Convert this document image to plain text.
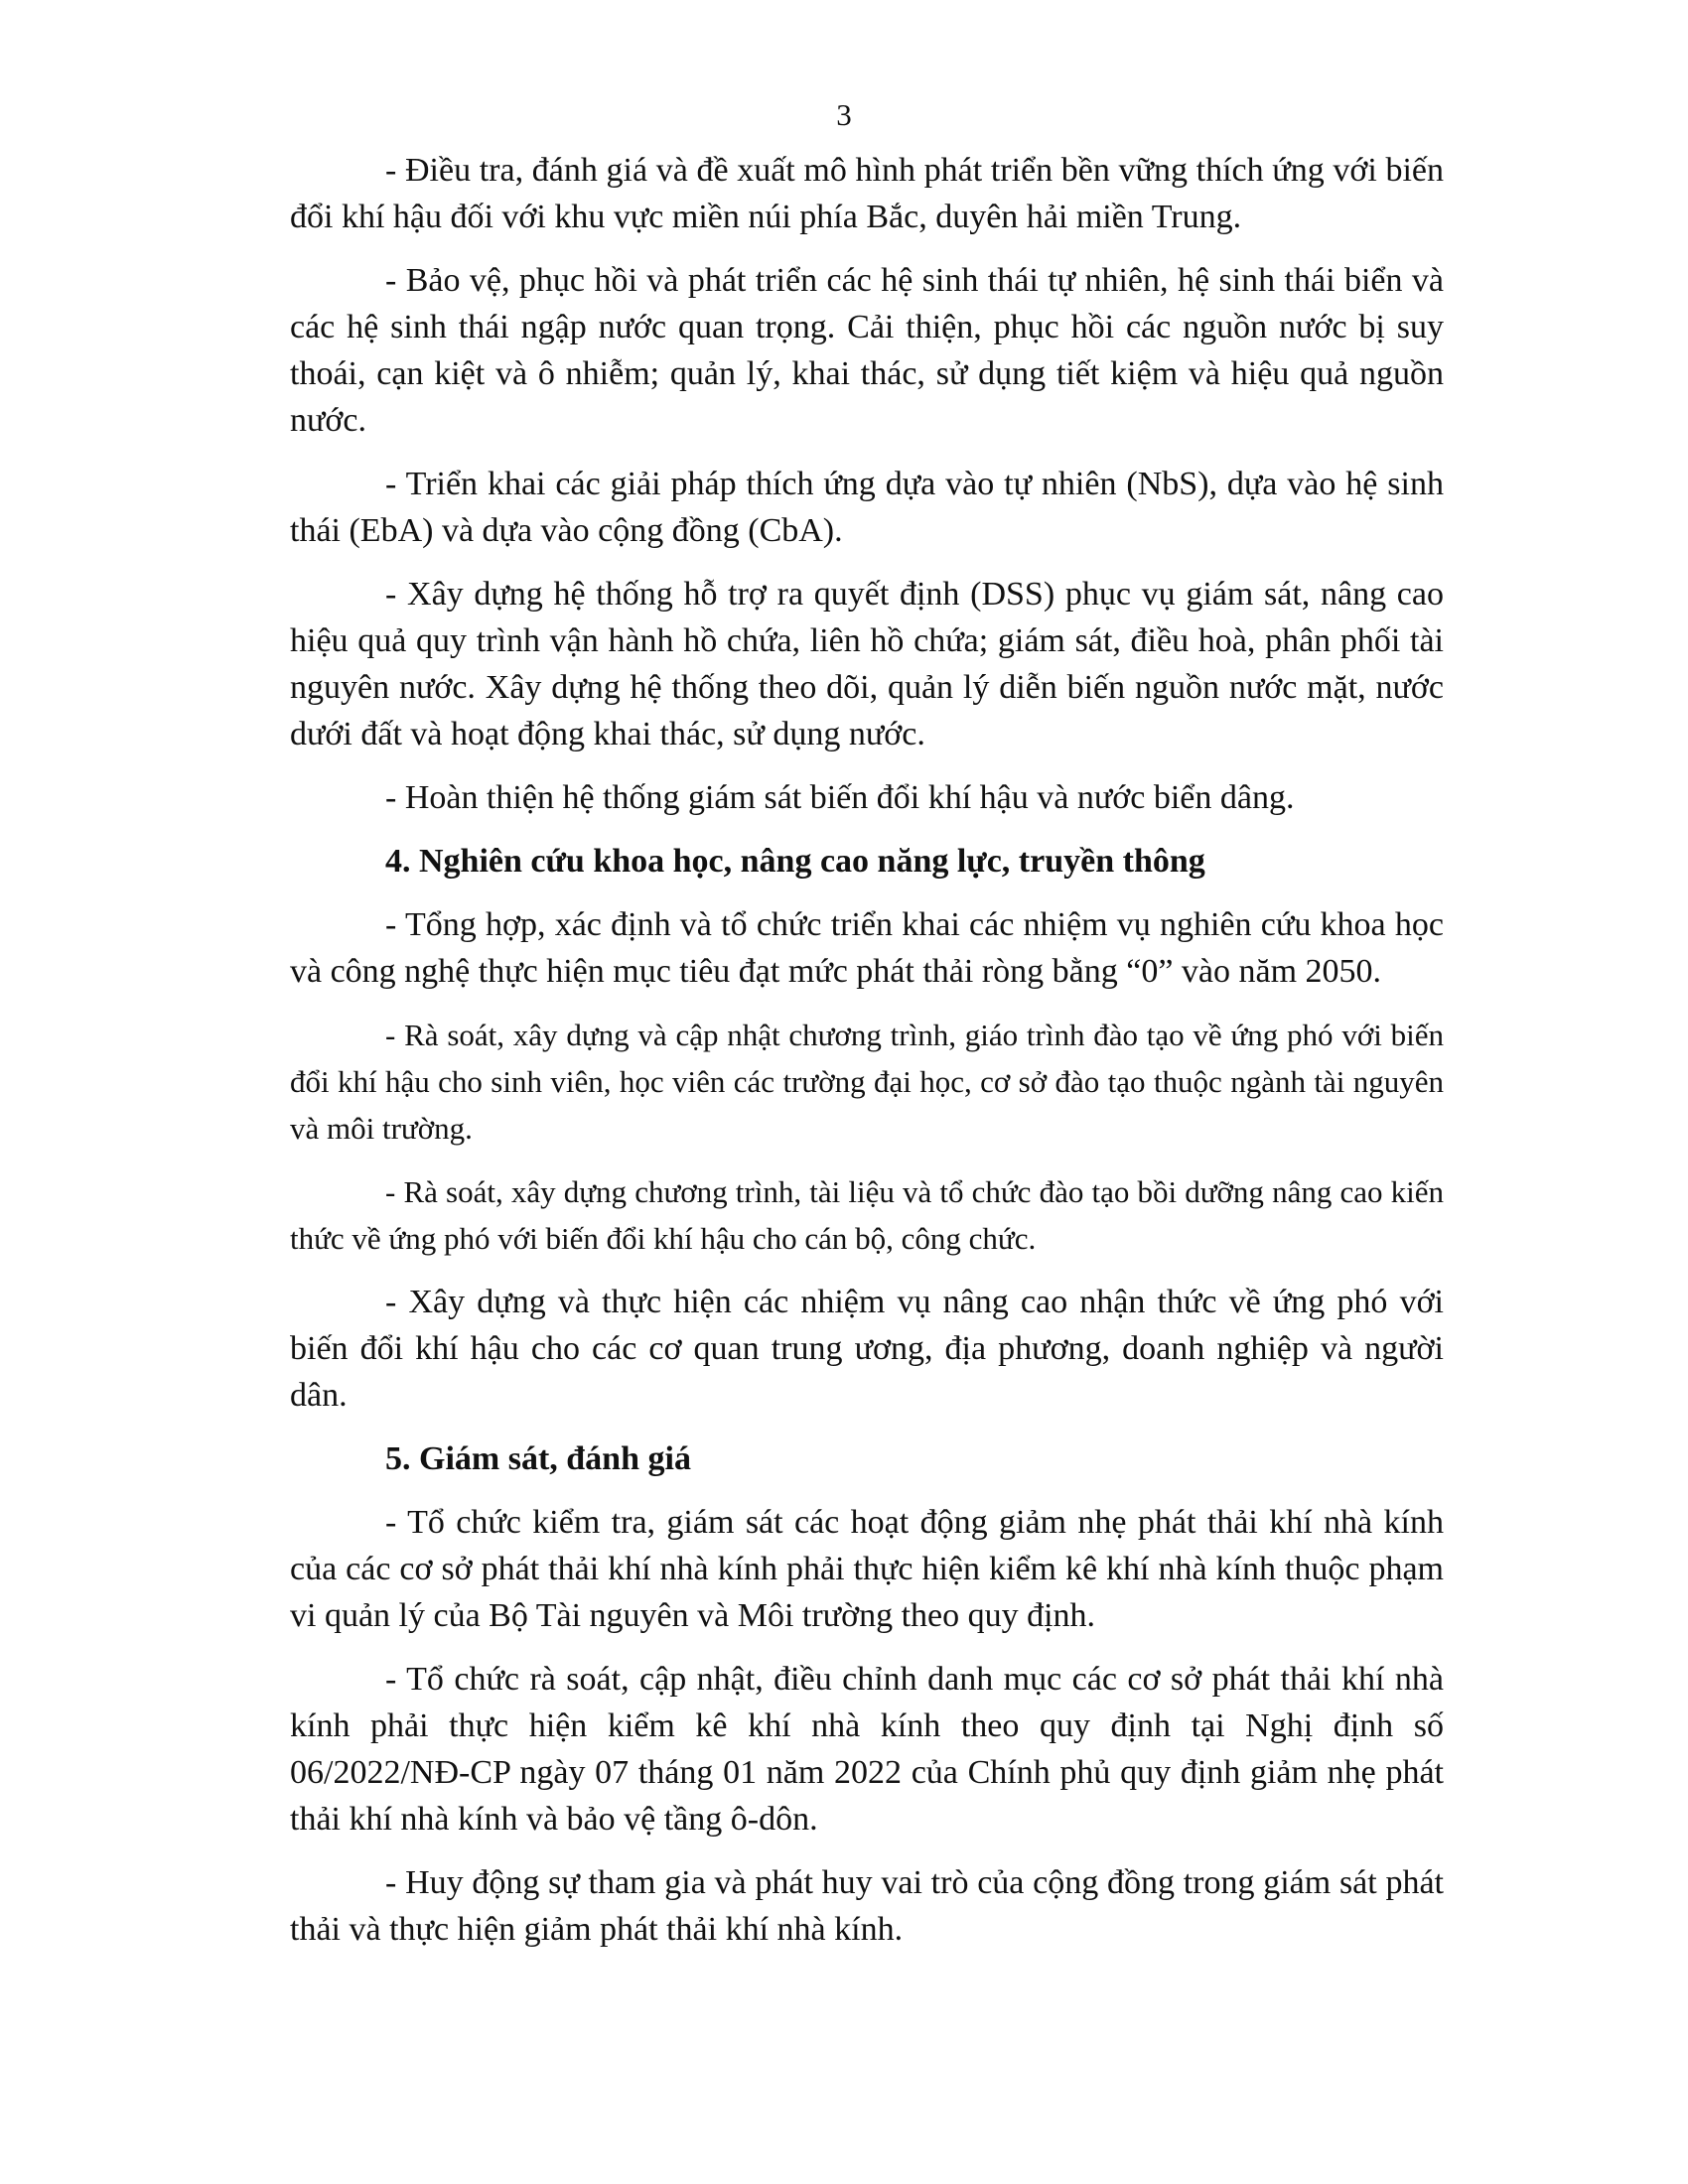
3

- Điều tra, đánh giá và đề xuất mô hình phát triển bền vững thích ứng với biến đổi khí hậu đối với khu vực miền núi phía Bắc, duyên hải miền Trung.

- Bảo vệ, phục hồi và phát triển các hệ sinh thái tự nhiên, hệ sinh thái biển và các hệ sinh thái ngập nước quan trọng. Cải thiện, phục hồi các nguồn nước bị suy thoái, cạn kiệt và ô nhiễm; quản lý, khai thác, sử dụng tiết kiệm và hiệu quả nguồn nước.

- Triển khai các giải pháp thích ứng dựa vào tự nhiên (NbS), dựa vào hệ sinh thái (EbA) và dựa vào cộng đồng (CbA).

- Xây dựng hệ thống hỗ trợ ra quyết định (DSS) phục vụ giám sát, nâng cao hiệu quả quy trình vận hành hồ chứa, liên hồ chứa; giám sát, điều hoà, phân phối tài nguyên nước. Xây dựng hệ thống theo dõi, quản lý diễn biến nguồn nước mặt, nước dưới đất và hoạt động khai thác, sử dụng nước.

- Hoàn thiện hệ thống giám sát biến đổi khí hậu và nước biển dâng.

4. Nghiên cứu khoa học, nâng cao năng lực, truyền thông

- Tổng hợp, xác định và tổ chức triển khai các nhiệm vụ nghiên cứu khoa học và công nghệ thực hiện mục tiêu đạt mức phát thải ròng bằng “0” vào năm 2050.

- Rà soát, xây dựng và cập nhật chương trình, giáo trình đào tạo về ứng phó với biến đổi khí hậu cho sinh viên, học viên các trường đại học, cơ sở đào tạo thuộc ngành tài nguyên và môi trường.

- Rà soát, xây dựng chương trình, tài liệu và tổ chức đào tạo bồi dưỡng nâng cao kiến thức về ứng phó với biến đổi khí hậu cho cán bộ, công chức.

- Xây dựng và thực hiện các nhiệm vụ nâng cao nhận thức về ứng phó với biến đổi khí hậu cho các cơ quan trung ương, địa phương, doanh nghiệp và người dân.

5. Giám sát, đánh giá

- Tổ chức kiểm tra, giám sát các hoạt động giảm nhẹ phát thải khí nhà kính của các cơ sở phát thải khí nhà kính phải thực hiện kiểm kê khí nhà kính thuộc phạm vi quản lý của Bộ Tài nguyên và Môi trường theo quy định.

- Tổ chức rà soát, cập nhật, điều chỉnh danh mục các cơ sở phát thải khí nhà kính phải thực hiện kiểm kê khí nhà kính theo quy định tại Nghị định số 06/2022/NĐ-CP ngày 07 tháng 01 năm 2022 của Chính phủ quy định giảm nhẹ phát thải khí nhà kính và bảo vệ tầng ô-dôn.

- Huy động sự tham gia và phát huy vai trò của cộng đồng trong giám sát phát thải và thực hiện giảm phát thải khí nhà kính.
